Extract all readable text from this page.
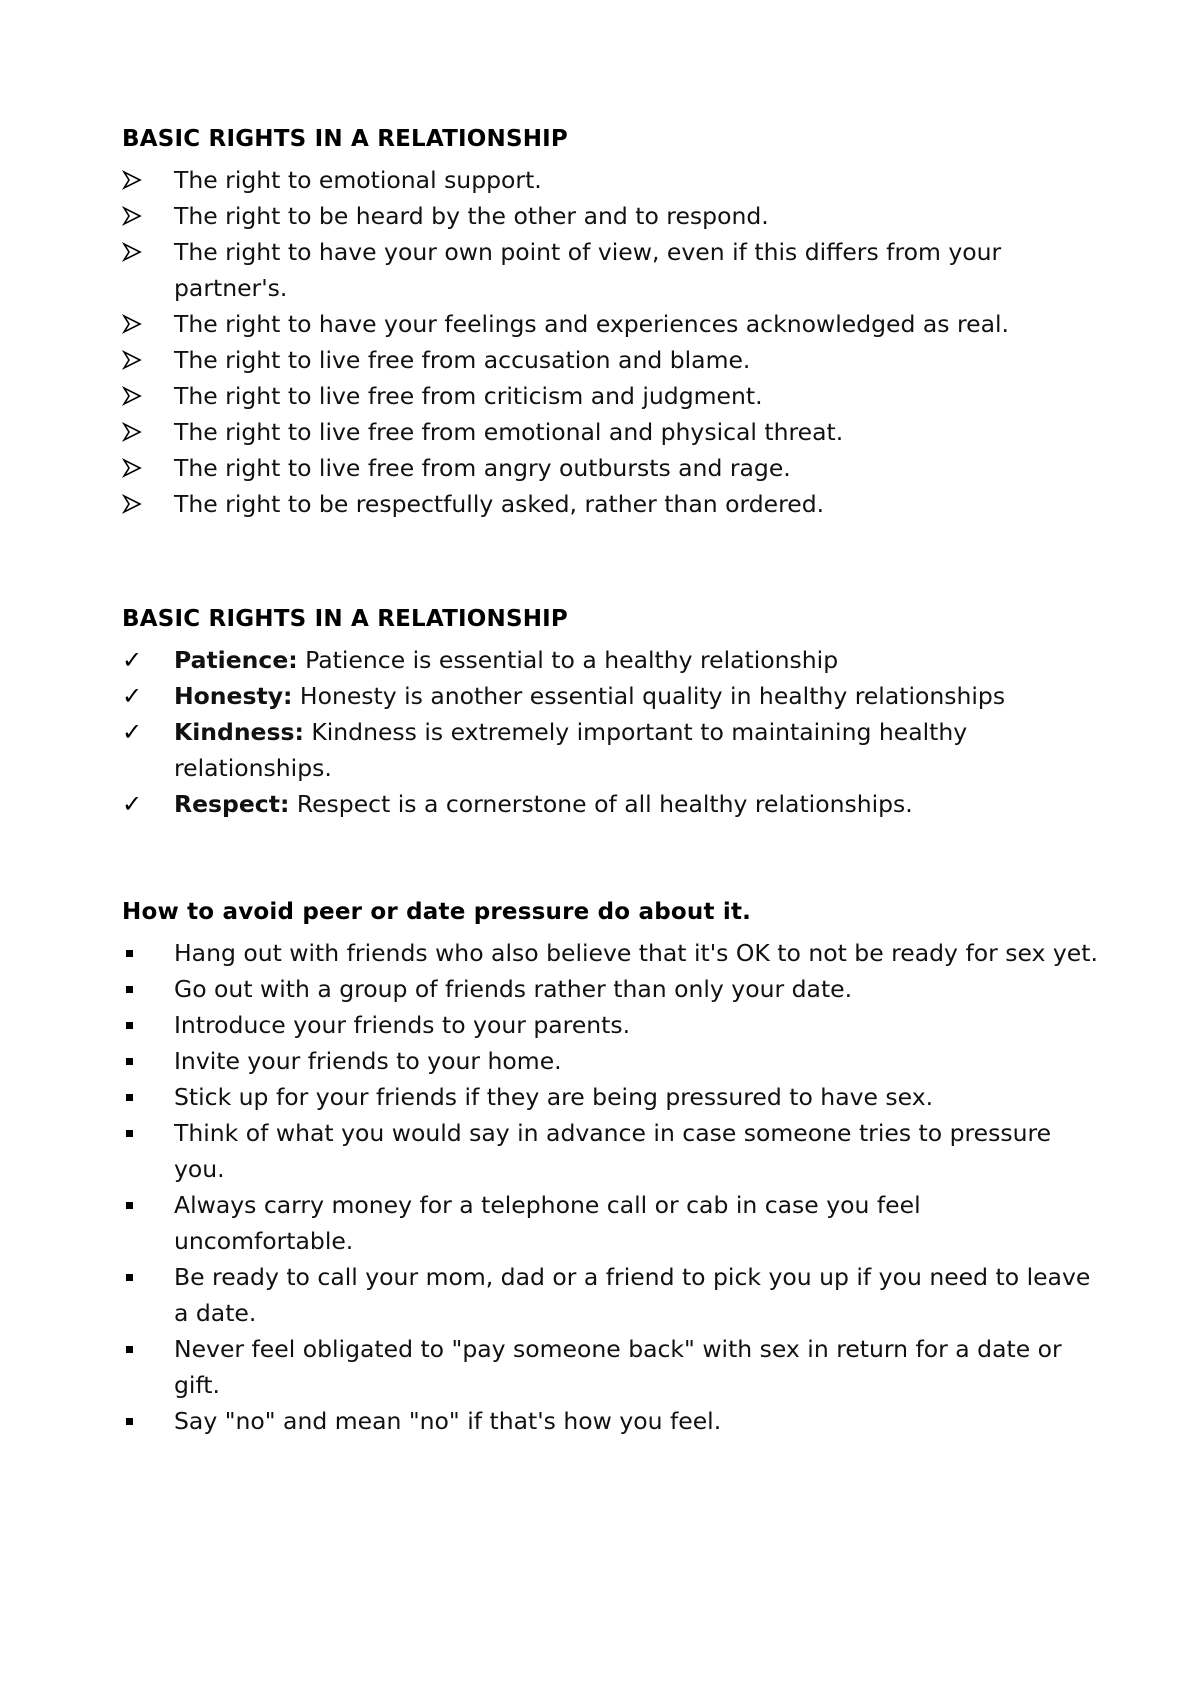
BASIC RIGHTS IN A RELATIONSHIP
The right to emotional support.
The right to be heard by the other and to respond.
The right to have your own point of view, even if this differs from your partner's.
The right to have your feelings and experiences acknowledged as real.
The right to live free from accusation and blame.
The right to live free from criticism and judgment.
The right to live free from emotional and physical threat.
The right to live free from angry outbursts and rage.
The right to be respectfully asked, rather than ordered.
BASIC RIGHTS IN A RELATIONSHIP
✓	Patience: Patience is essential to a healthy relationship
✓	Honesty: Honesty is another essential quality in healthy relationships
✓	Kindness: Kindness is extremely important to maintaining healthy relationships.
✓	Respect: Respect is a cornerstone of all healthy relationships.
How to avoid peer or date pressure do about it.
Hang out with friends who also believe that it's OK to not be ready for sex yet.
Go out with a group of friends rather than only your date.
Introduce your friends to your parents.
Invite your friends to your home.
Stick up for your friends if they are being pressured to have sex.
Think of what you would say in advance in case someone tries to pressure you.
Always carry money for a telephone call or cab in case you feel uncomfortable.
Be ready to call your mom, dad or a friend to pick you up if you need to leave a date.
Never feel obligated to "pay someone back" with sex in return for a date or gift.
Say "no" and mean "no" if that's how you feel.
